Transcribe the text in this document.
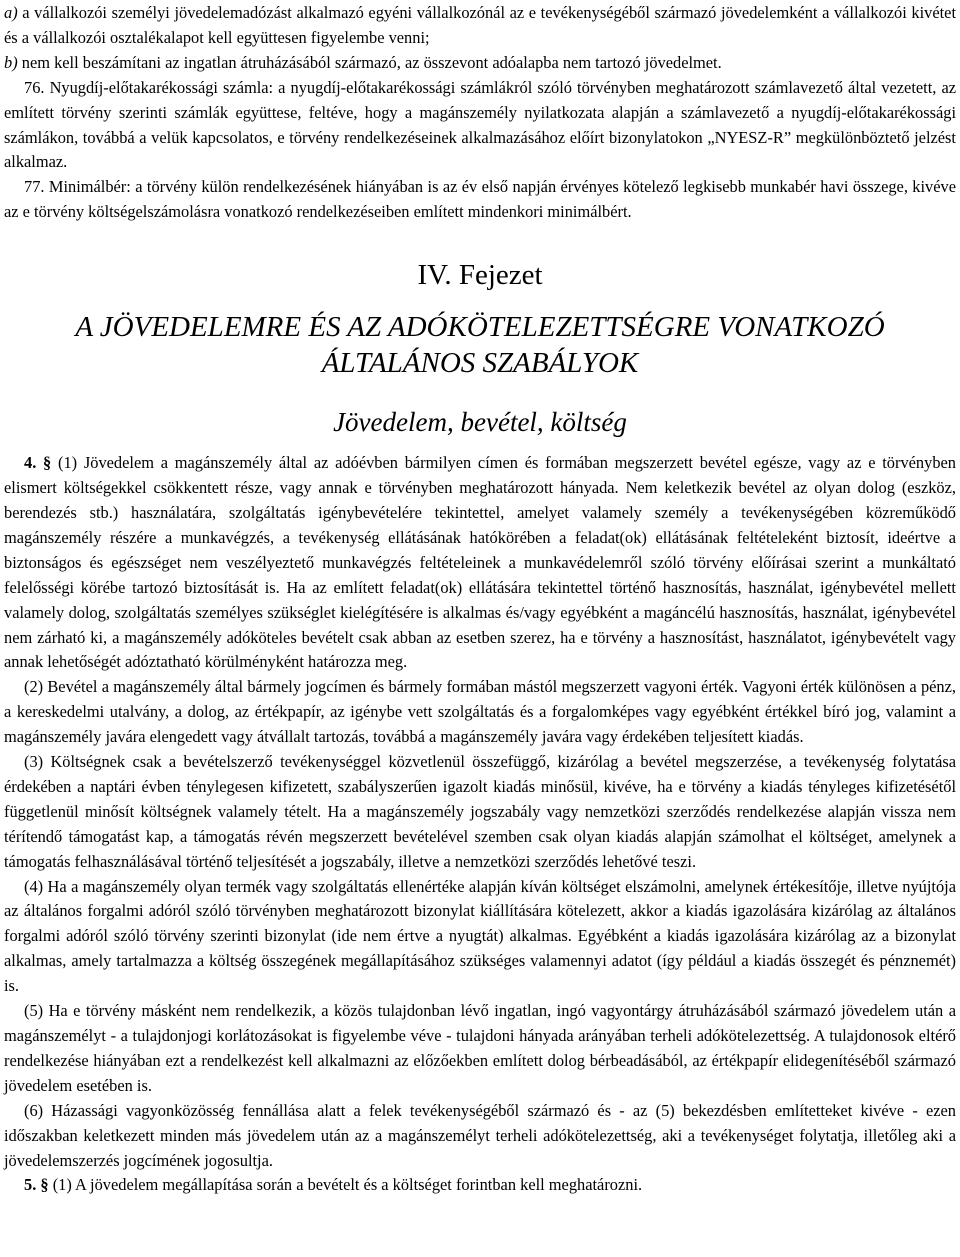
a) a vállalkozói személyi jövedelemadózást alkalmazó egyéni vállalkozónál az e tevékenységéből származó jövedelemként a vállalkozói kivétet és a vállalkozói osztalékalapot kell együttesen figyelembe venni;

b) nem kell beszámítani az ingatlan átruházásából származó, az összevont adóalapba nem tartozó jövedelmet.

76. Nyugdíj-előtakarékossági számla: a nyugdíj-előtakarékossági számlákról szóló törvényben meghatározott számlavezető által vezetett, az említett törvény szerinti számlák együttese, feltéve, hogy a magánszemély nyilatkozata alapján a számlavezető a nyugdíj-előtakarékossági számlákon, továbbá a velük kapcsolatos, e törvény rendelkezéseinek alkalmazásához előírt bizonylatokon „NYESZ-R” megkülönböztető jelzést alkalmaz.

77. Minimálbér: a törvény külön rendelkezésének hiányában is az év első napján érvényes kötelező legkisebb munkabér havi összege, kivéve az e törvény költségelszámolásra vonatkozó rendelkezéseiben említett mindenkori minimálbért.

IV. Fejezet
A JÖVEDELEMRE ÉS AZ ADÓKÖTELEZETTSÉGRE VONATKOZÓ ÁLTALÁNOS SZABÁLYOK
Jövedelem, bevétel, költség

4. § (1) Jövedelem a magánszemély által az adóévben bármilyen címen és formában megszerzett bevétel egésze, vagy az e törvényben elismert költségekkel csökkentett része, vagy annak e törvényben meghatározott hányada. Nem keletkezik bevétel az olyan dolog (eszköz, berendezés stb.) használatára, szolgáltatás igénybevételére tekintettel, amelyet valamely személy a tevékenységében közreműködő magánszemély részére a munkavégzés, a tevékenység ellátásának hatókörében a feladat(ok) ellátásának feltételeként biztosít, ideértve a biztonságos és egészséget nem veszélyeztető munkavégzés feltételeinek a munkavédelemről szóló törvény előírásai szerint a munkáltató felelősségi körébe tartozó biztosítását is. Ha az említett feladat(ok) ellátására tekintettel történő hasznosítás, használat, igénybevétel mellett valamely dolog, szolgáltatás személyes szükséglet kielégítésére is alkalmas és/vagy egyébként a magáncélú hasznosítás, használat, igénybevétel nem zárható ki, a magánszemély adóköteles bevételt csak abban az esetben szerez, ha e törvény a hasznosítást, használatot, igénybevételt vagy annak lehetőségét adóztatható körülményként határozza meg.

(2) Bevétel a magánszemély által bármely jogcímen és bármely formában mástól megszerzett vagyoni érték. Vagyoni érték különösen a pénz, a kereskedelmi utalvány, a dolog, az értékpapír, az igénybe vett szolgáltatás és a forgalomképes vagy egyébként értékkel bíró jog, valamint a magánszemély javára elengedett vagy átvállalt tartozás, továbbá a magánszemély javára vagy érdekében teljesített kiadás.

(3) Költségnek csak a bevételszerző tevékenységgel közvetlenül összefüggő, kizárólag a bevétel megszerzése, a tevékenység folytatása érdekében a naptári évben ténylegesen kifizetett, szabályszerűen igazolt kiadás minősül, kivéve, ha e törvény a kiadás tényleges kifizetésétől függetlenül minősít költségnek valamely tételt. Ha a magánszemély jogszabály vagy nemzetközi szerződés rendelkezése alapján vissza nem térítendő támogatást kap, a támogatás révén megszerzett bevételével szemben csak olyan kiadás alapján számolhat el költséget, amelynek a támogatás felhasználásával történő teljesítését a jogszabály, illetve a nemzetközi szerződés lehetővé teszi.

(4) Ha a magánszemély olyan termék vagy szolgáltatás ellenértéke alapján kíván költséget elszámolni, amelynek értékesítője, illetve nyújtója az általános forgalmi adóról szóló törvényben meghatározott bizonylat kiállítására kötelezett, akkor a kiadás igazolására kizárólag az általános forgalmi adóról szóló törvény szerinti bizonylat (ide nem értve a nyugtát) alkalmas. Egyébként a kiadás igazolására kizárólag az a bizonylat alkalmas, amely tartalmazza a költség összegének megállapításához szükséges valamennyi adatot (így például a kiadás összegét és pénznemét) is.

(5) Ha e törvény másként nem rendelkezik, a közös tulajdonban lévő ingatlan, ingó vagyontárgy átruházásából származó jövedelem után a magánszemélyt - a tulajdonjogi korlátozásokat is figyelembe véve - tulajdoni hányada arányában terheli adókötelezettség. A tulajdonosok eltérő rendelkezése hiányában ezt a rendelkezést kell alkalmazni az előzőekben említett dolog bérbeadásából, az értékpapír elidegenítéséből származó jövedelem esetében is.

(6) Házassági vagyonközösség fennállása alatt a felek tevékenységéből származó és - az (5) bekezdésben említetteket kivéve - ezen időszakban keletkezett minden más jövedelem után az a magánszemélyt terheli adókötelezettség, aki a tevékenységet folytatja, illetőleg aki a jövedelemszerzés jogcímének jogosultja.

5. § (1) A jövedelem megállapítása során a bevételt és a költséget forintban kell meghatározni.
